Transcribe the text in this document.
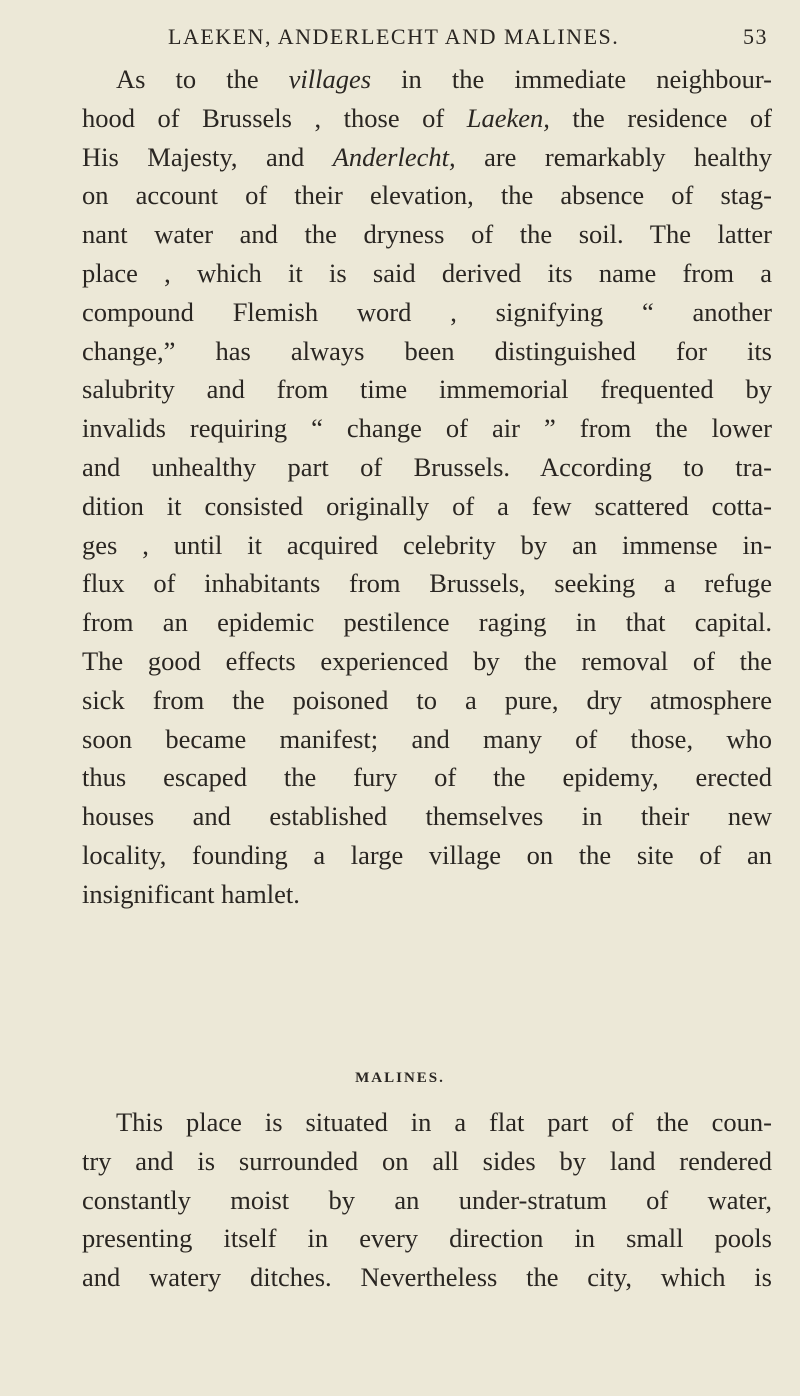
LAEKEN, ANDERLECHT AND MALINES.	53
As to the villages in the immediate neighbour-
hood of Brussels , those of Laeken, the residence of
His Majesty, and Anderlecht, are remarkably healthy
on account of their elevation, the absence of stag-
nant water and the dryness of the soil. The latter
place , which it is said derived its name from a
compound Flemish word , signifying “ another
change,” has always been distinguished for its
salubrity and from time immemorial frequented by
invalids requiring “ change of air ” from the lower
and unhealthy part of Brussels. According to tra-
dition it consisted originally of a few scattered cotta-
ges , until it acquired celebrity by an immense in-
flux of inhabitants from Brussels, seeking a refuge
from an epidemic pestilence raging in that capital.
The good effects experienced by the removal of the
sick from the poisoned to a pure, dry atmosphere
soon became manifest; and many of those, who
thus escaped the fury of the epidemy, erected
houses and established themselves in their new
locality, founding a large village on the site of an
insignificant hamlet.
MALINES.
This place is situated in a flat part of the coun-
try and is surrounded on all sides by land rendered
constantly moist by an under-stratum of water,
presenting itself in every direction in small pools
and watery ditches. Nevertheless the city, which is
